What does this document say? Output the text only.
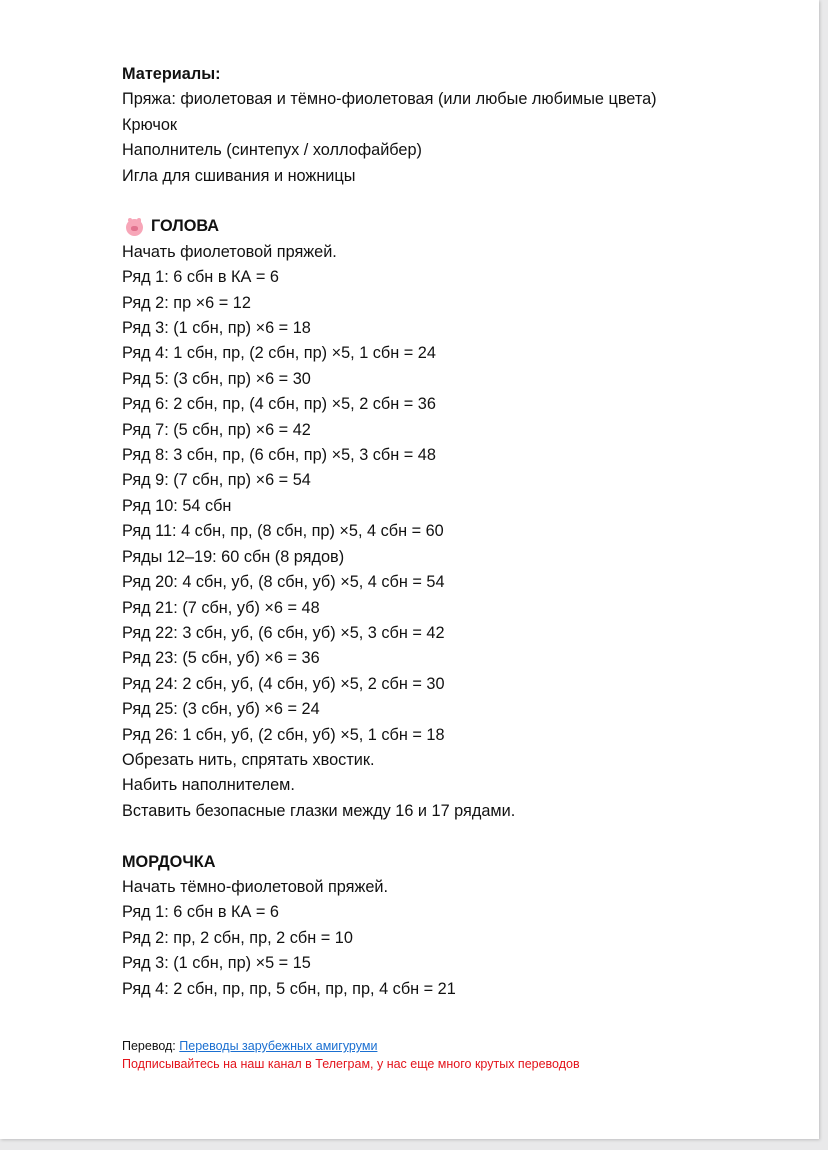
Материалы:
Пряжа: фиолетовая и тёмно-фиолетовая (или любые любимые цвета)
Крючок
Наполнитель (синтепух / холлофайбер)
Игла для сшивания и ножницы
ГОЛОВА
Начать фиолетовой пряжей.
Ряд 1: 6 сбн в КА = 6
Ряд 2: пр ×6 = 12
Ряд 3: (1 сбн, пр) ×6 = 18
Ряд 4: 1 сбн, пр, (2 сбн, пр) ×5, 1 сбн = 24
Ряд 5: (3 сбн, пр) ×6 = 30
Ряд 6: 2 сбн, пр, (4 сбн, пр) ×5, 2 сбн = 36
Ряд 7: (5 сбн, пр) ×6 = 42
Ряд 8: 3 сбн, пр, (6 сбн, пр) ×5, 3 сбн = 48
Ряд 9: (7 сбн, пр) ×6 = 54
Ряд 10: 54 сбн
Ряд 11: 4 сбн, пр, (8 сбн, пр) ×5, 4 сбн = 60
Ряды 12–19: 60 сбн (8 рядов)
Ряд 20: 4 сбн, уб, (8 сбн, уб) ×5, 4 сбн = 54
Ряд 21: (7 сбн, уб) ×6 = 48
Ряд 22: 3 сбн, уб, (6 сбн, уб) ×5, 3 сбн = 42
Ряд 23: (5 сбн, уб) ×6 = 36
Ряд 24: 2 сбн, уб, (4 сбн, уб) ×5, 2 сбн = 30
Ряд 25: (3 сбн, уб) ×6 = 24
Ряд 26: 1 сбн, уб, (2 сбн, уб) ×5, 1 сбн = 18
Обрезать нить, спрятать хвостик.
Набить наполнителем.
Вставить безопасные глазки между 16 и 17 рядами.
МОРДОЧКА
Начать тёмно-фиолетовой пряжей.
Ряд 1: 6 сбн в КА = 6
Ряд 2: пр, 2 сбн, пр, 2 сбн = 10
Ряд 3: (1 сбн, пр) ×5 = 15
Ряд 4: 2 сбн, пр, пр, 5 сбн, пр, пр, 4 сбн = 21
Перевод: Переводы зарубежных амигуруми
Подписывайтесь на наш канал в Телеграм, у нас еще много крутых переводов
